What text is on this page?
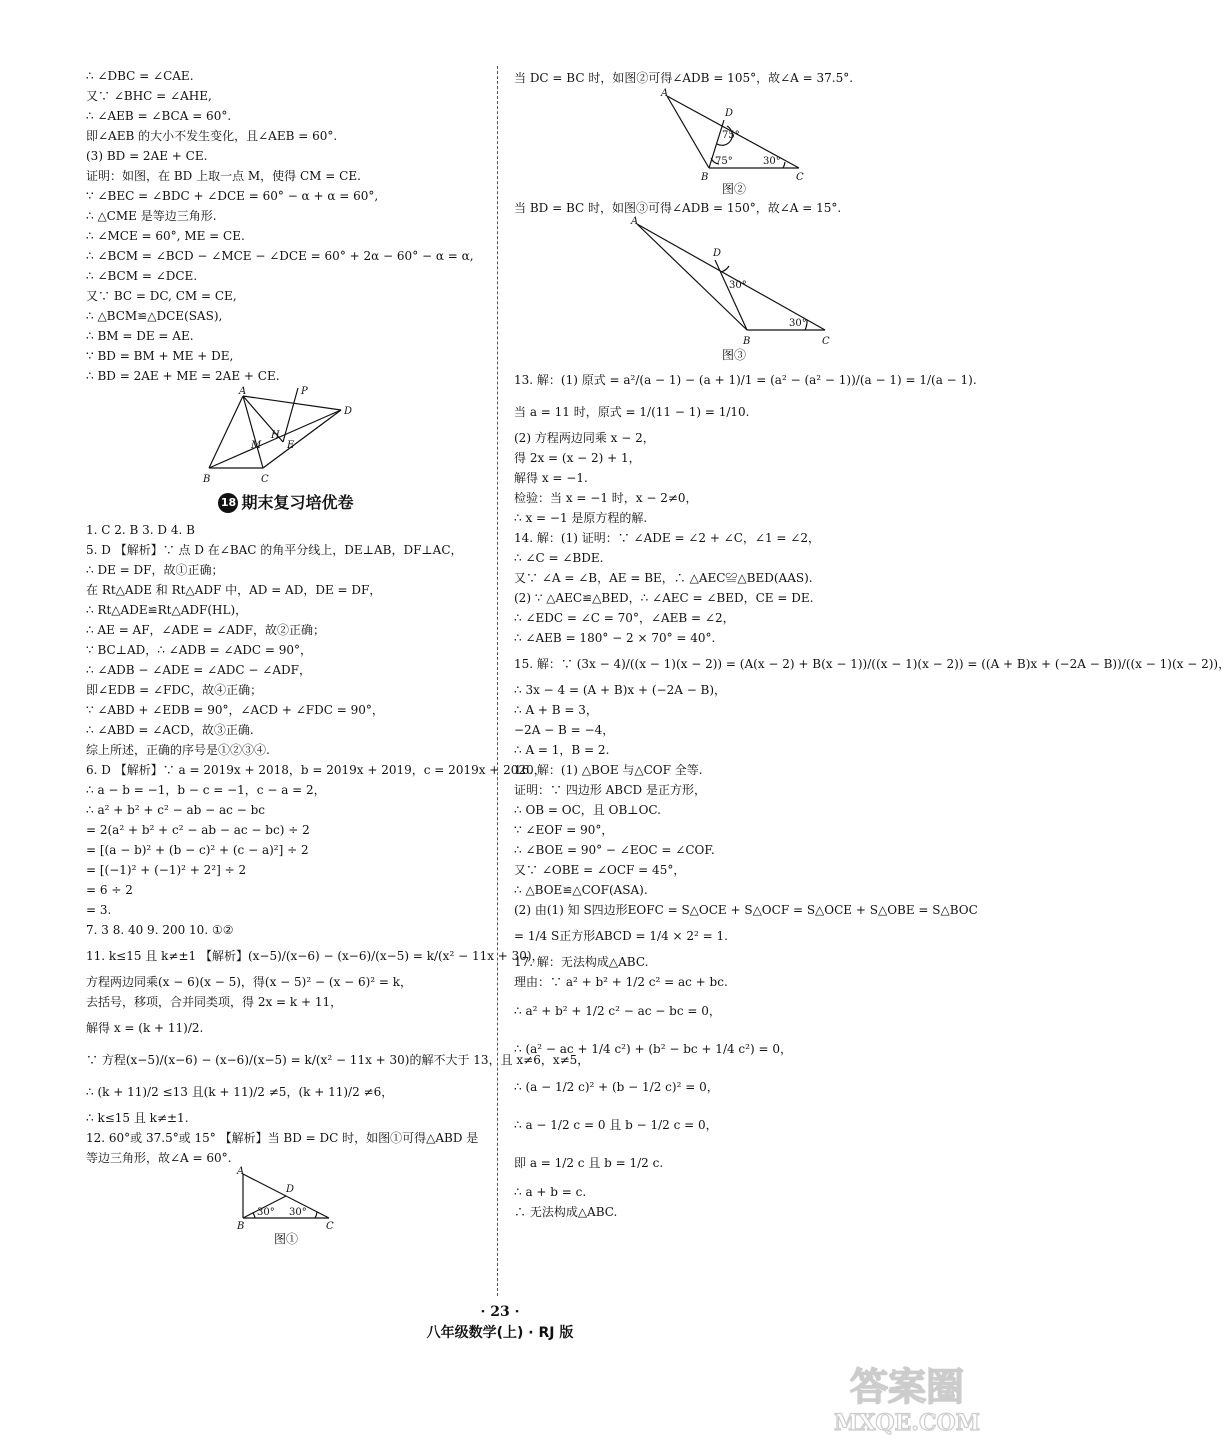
∴ ∠DBC = ∠CAE.
又∵ ∠BHC = ∠AHE,
∴ ∠AEB = ∠BCA = 60°.
即∠AEB 的大小不发生变化，且∠AEB = 60°.
(3) BD = 2AE + CE.
证明：如图，在 BD 上取一点 M，使得 CM = CE.
∵ ∠BEC = ∠BDC + ∠DCE = 60° − α + α = 60°,
∴ △CME 是等边三角形.
∴ ∠MCE = 60°, ME = CE.
∴ ∠BCM = ∠BCD − ∠MCE − ∠DCE = 60° + 2α − 60° − α = α,
∴ ∠BCM = ∠DCE.
又∵ BC = DC, CM = CE,
∴ △BCM≌△DCE(SAS),
∴ BM = DE = AE.
∵ BD = BM + ME + DE,
∴ BD = 2AE + ME = 2AE + CE.
A	P
D
M
H
E
B	C
18 期末复习培优卷
1. C 2. B 3. D 4. B
5. D 【解析】∵ 点 D 在∠BAC 的角平分线上，DE⊥AB，DF⊥AC，
∴ DE = DF，故①正确；
在 Rt△ADE 和 Rt△ADF 中，AD = AD，DE = DF，
∴ Rt△ADE≌Rt△ADF(HL)，
∴ AE = AF，∠ADE = ∠ADF，故②正确；
∵ BC⊥AD，∴ ∠ADB = ∠ADC = 90°，
∴ ∠ADB − ∠ADE = ∠ADC − ∠ADF，
即∠EDB = ∠FDC，故④正确；
∵ ∠ABD + ∠EDB = 90°，∠ACD + ∠FDC = 90°，
∴ ∠ABD = ∠ACD，故③正确.
综上所述，正确的序号是①②③④.
6. D 【解析】∵ a = 2019x + 2018，b = 2019x + 2019，c = 2019x + 2020，
∴ a − b = −1，b − c = −1，c − a = 2，
∴ a² + b² + c² − ab − ac − bc
= 2(a² + b² + c² − ab − ac − bc) ÷ 2
= [(a − b)² + (b − c)² + (c − a)²] ÷ 2
= [(−1)² + (−1)² + 2²] ÷ 2
= 6 ÷ 2
= 3.
7. 3 8. 40 9. 200 10. ①②
11. k≤15 且 k≠±1 【解析】(x−5)/(x−6) − (x−6)/(x−5) = k/(x² − 11x + 30)，
方程两边同乘(x − 6)(x − 5)，得(x − 5)² − (x − 6)² = k，
去括号，移项，合并同类项，得 2x = k + 11，
解得 x = (k + 11)/2.
∵ 方程(x−5)/(x−6) − (x−6)/(x−5) = k/(x² − 11x + 30)的解不大于 13，且 x≠6，x≠5，
∴ (k + 11)/2 ≤13 且(k + 11)/2 ≠5，(k + 11)/2 ≠6，
∴ k≤15 且 k≠±1.
12. 60°或 37.5°或 15° 【解析】当 BD = DC 时，如图①可得△ABD 是
等边三角形，故∠A = 60°.
A
D
30° 30°
B	C
图①
当 DC = BC 时，如图②可得∠ADB = 105°，故∠A = 37.5°.
A
D
75°
75°	30°
B	C
图②
当 BD = BC 时，如图③可得∠ADB = 150°，故∠A = 15°.
A
D
30°
30°
B	C
图③
13. 解：(1) 原式 = a²/(a − 1) − (a + 1)/1 = (a² − (a² − 1))/(a − 1) = 1/(a − 1).
当 a = 11 时，原式 = 1/(11 − 1) = 1/10.
(2) 方程两边同乘 x − 2，
得 2x = (x − 2) + 1，
解得 x = −1.
检验：当 x = −1 时，x − 2≠0，
∴ x = −1 是原方程的解.
14. 解：(1) 证明：∵ ∠ADE = ∠2 + ∠C，∠1 = ∠2，
∴ ∠C = ∠BDE.
又∵ ∠A = ∠B，AE = BE，∴ △AEC≌△BED(AAS).
(2) ∵ △AEC≌△BED，∴ ∠AEC = ∠BED，CE = DE.
∴ ∠EDC = ∠C = 70°，∠AEB = ∠2，
∴ ∠AEB = 180° − 2 × 70° = 40°.
15. 解：∵ (3x − 4)/((x − 1)(x − 2)) = (A(x − 2) + B(x − 1))/((x − 1)(x − 2)) = ((A + B)x + (−2A − B))/((x − 1)(x − 2))，
∴ 3x − 4 = (A + B)x + (−2A − B)，
∴ A + B = 3，
−2A − B = −4，
∴ A = 1，B = 2.
16. 解：(1) △BOE 与△COF 全等.
证明：∵ 四边形 ABCD 是正方形，
∴ OB = OC，且 OB⊥OC.
∵ ∠EOF = 90°，
∴ ∠BOE = 90° − ∠EOC = ∠COF.
又∵ ∠OBE = ∠OCF = 45°，
∴ △BOE≌△COF(ASA).
(2) 由(1) 知 S四边形EOFC = S△OCE + S△OCF = S△OCE + S△OBE = S△BOC
= 1/4 S正方形ABCD = 1/4 × 2² = 1.
17. 解：无法构成△ABC.
理由：∵ a² + b² + 1/2 c² = ac + bc.
∴ a² + b² + 1/2 c² − ac − bc = 0，
∴ (a² − ac + 1/4 c²) + (b² − bc + 1/4 c²) = 0，
∴ (a − 1/2 c)² + (b − 1/2 c)² = 0，
∴ a − 1/2 c = 0 且 b − 1/2 c = 0，
即 a = 1/2 c 且 b = 1/2 c.
∴ a + b = c.
∴ 无法构成△ABC.
· 23 ·
八年级数学(上) · RJ 版
答案圈
MXQE.COM
